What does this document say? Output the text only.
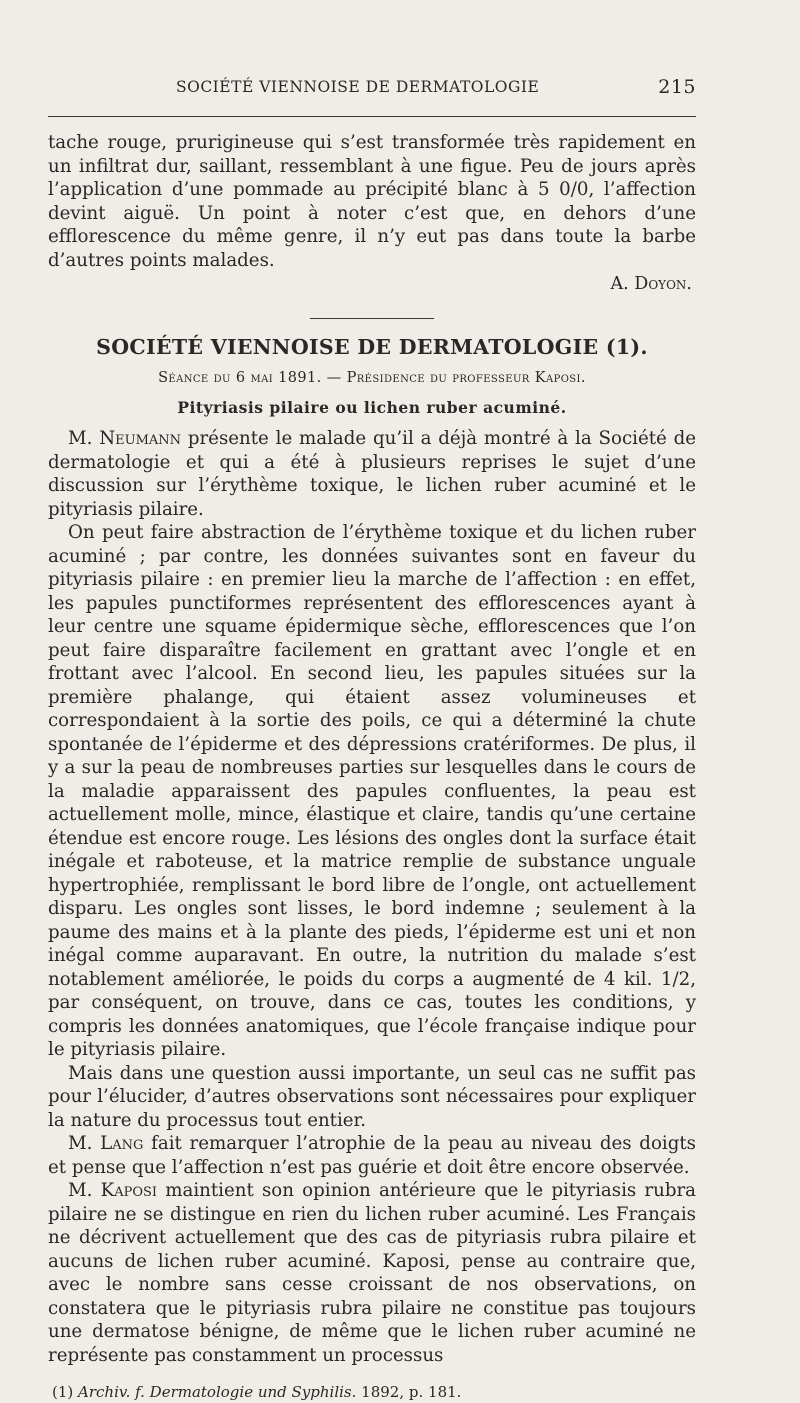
SOCIÉTÉ VIENNOISE DE DERMATOLOGIE	215

tache rouge, prurigineuse qui s’est transformée très rapidement en un infiltrat dur, saillant, ressemblant à une figue. Peu de jours après l’application d’une pommade au précipité blanc à 5 0/0, l’affection devint aiguë. Un point à noter c’est que, en dehors d’une efflorescence du même genre, il n’y eut pas dans toute la barbe d’autres points malades.

A. Doyon.
SOCIÉTÉ VIENNOISE DE DERMATOLOGIE (1).
Séance du 6 mai 1891. — Présidence du professeur Kaposi.
Pityriasis pilaire ou lichen ruber acuminé.

M. Neumann présente le malade qu’il a déjà montré à la Société de dermatologie et qui a été à plusieurs reprises le sujet d’une discussion sur l’érythème toxique, le lichen ruber acuminé et le pityriasis pilaire.

On peut faire abstraction de l’érythème toxique et du lichen ruber acuminé ; par contre, les données suivantes sont en faveur du pityriasis pilaire : en premier lieu la marche de l’affection : en effet, les papules punctiformes représentent des efflorescences ayant à leur centre une squame épidermique sèche, efflorescences que l’on peut faire disparaître facilement en grattant avec l’ongle et en frottant avec l’alcool. En second lieu, les papules situées sur la première phalange, qui étaient assez volumineuses et correspondaient à la sortie des poils, ce qui a déterminé la chute spontanée de l’épiderme et des dépressions cratériformes. De plus, il y a sur la peau de nombreuses parties sur lesquelles dans le cours de la maladie apparaissent des papules confluentes, la peau est actuellement molle, mince, élastique et claire, tandis qu’une certaine étendue est encore rouge. Les lésions des ongles dont la surface était inégale et raboteuse, et la matrice remplie de substance unguale hypertrophiée, remplissant le bord libre de l’ongle, ont actuellement disparu. Les ongles sont lisses, le bord indemne ; seulement à la paume des mains et à la plante des pieds, l’épiderme est uni et non inégal comme auparavant. En outre, la nutrition du malade s’est notablement améliorée, le poids du corps a augmenté de 4 kil. 1/2, par conséquent, on trouve, dans ce cas, toutes les conditions, y compris les données anatomiques, que l’école française indique pour le pityriasis pilaire.

Mais dans une question aussi importante, un seul cas ne suffit pas pour l’élucider, d’autres observations sont nécessaires pour expliquer la nature du processus tout entier.

M. Lang fait remarquer l’atrophie de la peau au niveau des doigts et pense que l’affection n’est pas guérie et doit être encore observée.

M. Kaposi maintient son opinion antérieure que le pityriasis rubra pilaire ne se distingue en rien du lichen ruber acuminé. Les Français ne décrivent actuellement que des cas de pityriasis rubra pilaire et aucuns de lichen ruber acuminé. Kaposi, pense au contraire que, avec le nombre sans cesse croissant de nos observations, on constatera que le pityriasis rubra pilaire ne constitue pas toujours une dermatose bénigne, de même que le lichen ruber acuminé ne représente pas constamment un processus

(1) Archiv. f. Dermatologie und Syphilis. 1892, p. 181.
